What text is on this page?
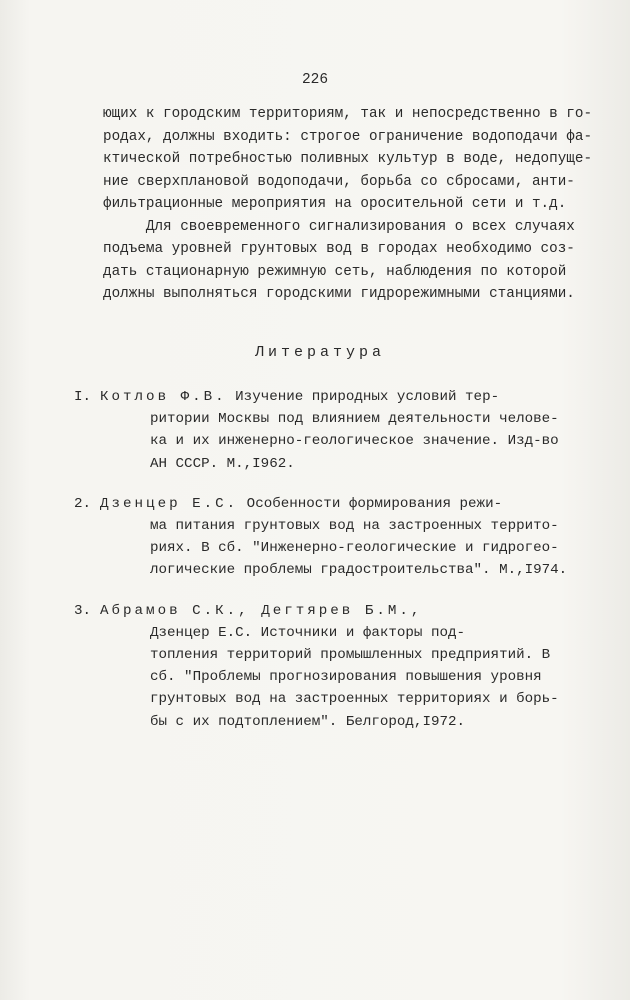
226
ющих к городским территориям, так и непосредственно в го-
родах, должны входить: строгое ограничение водоподачи фа-
ктической потребностью поливных культур в воде, недопуще-
ние сверхплановой водоподачи, борьба со сбросами, анти-
фильтрационные мероприятия на оросительной сети и т.д.
Для своевременного сигнализирования о всех случаях
подъема уровней грунтовых вод в городах необходимо соз-
дать стационарную режимную сеть, наблюдения по которой
должны выполняться городскими гидрорежимными станциями.
Литература
I. Котлов Ф.В. Изучение природных условий тер-
ритории Москвы под влиянием деятельности челове-
ка и их инженерно-геологическое значение. Изд-во
АН СССР. М.,I962.
2. Дзенцер Е.С. Особенности формирования режи-
ма питания грунтовых вод на застроенных террито-
риях. В сб. "Инженерно-геологические и гидрогео-
логические проблемы градостроительства". М.,I974.
3. Абрамов С.К., Дегтярев Б.М.,
Дзенцер Е.С. Источники и факторы под-
топления территорий промышленных предприятий. В
сб. "Проблемы прогнозирования повышения уровня
грунтовых вод на застроенных территориях и борь-
бы с их подтоплением". Белгород,I972.
